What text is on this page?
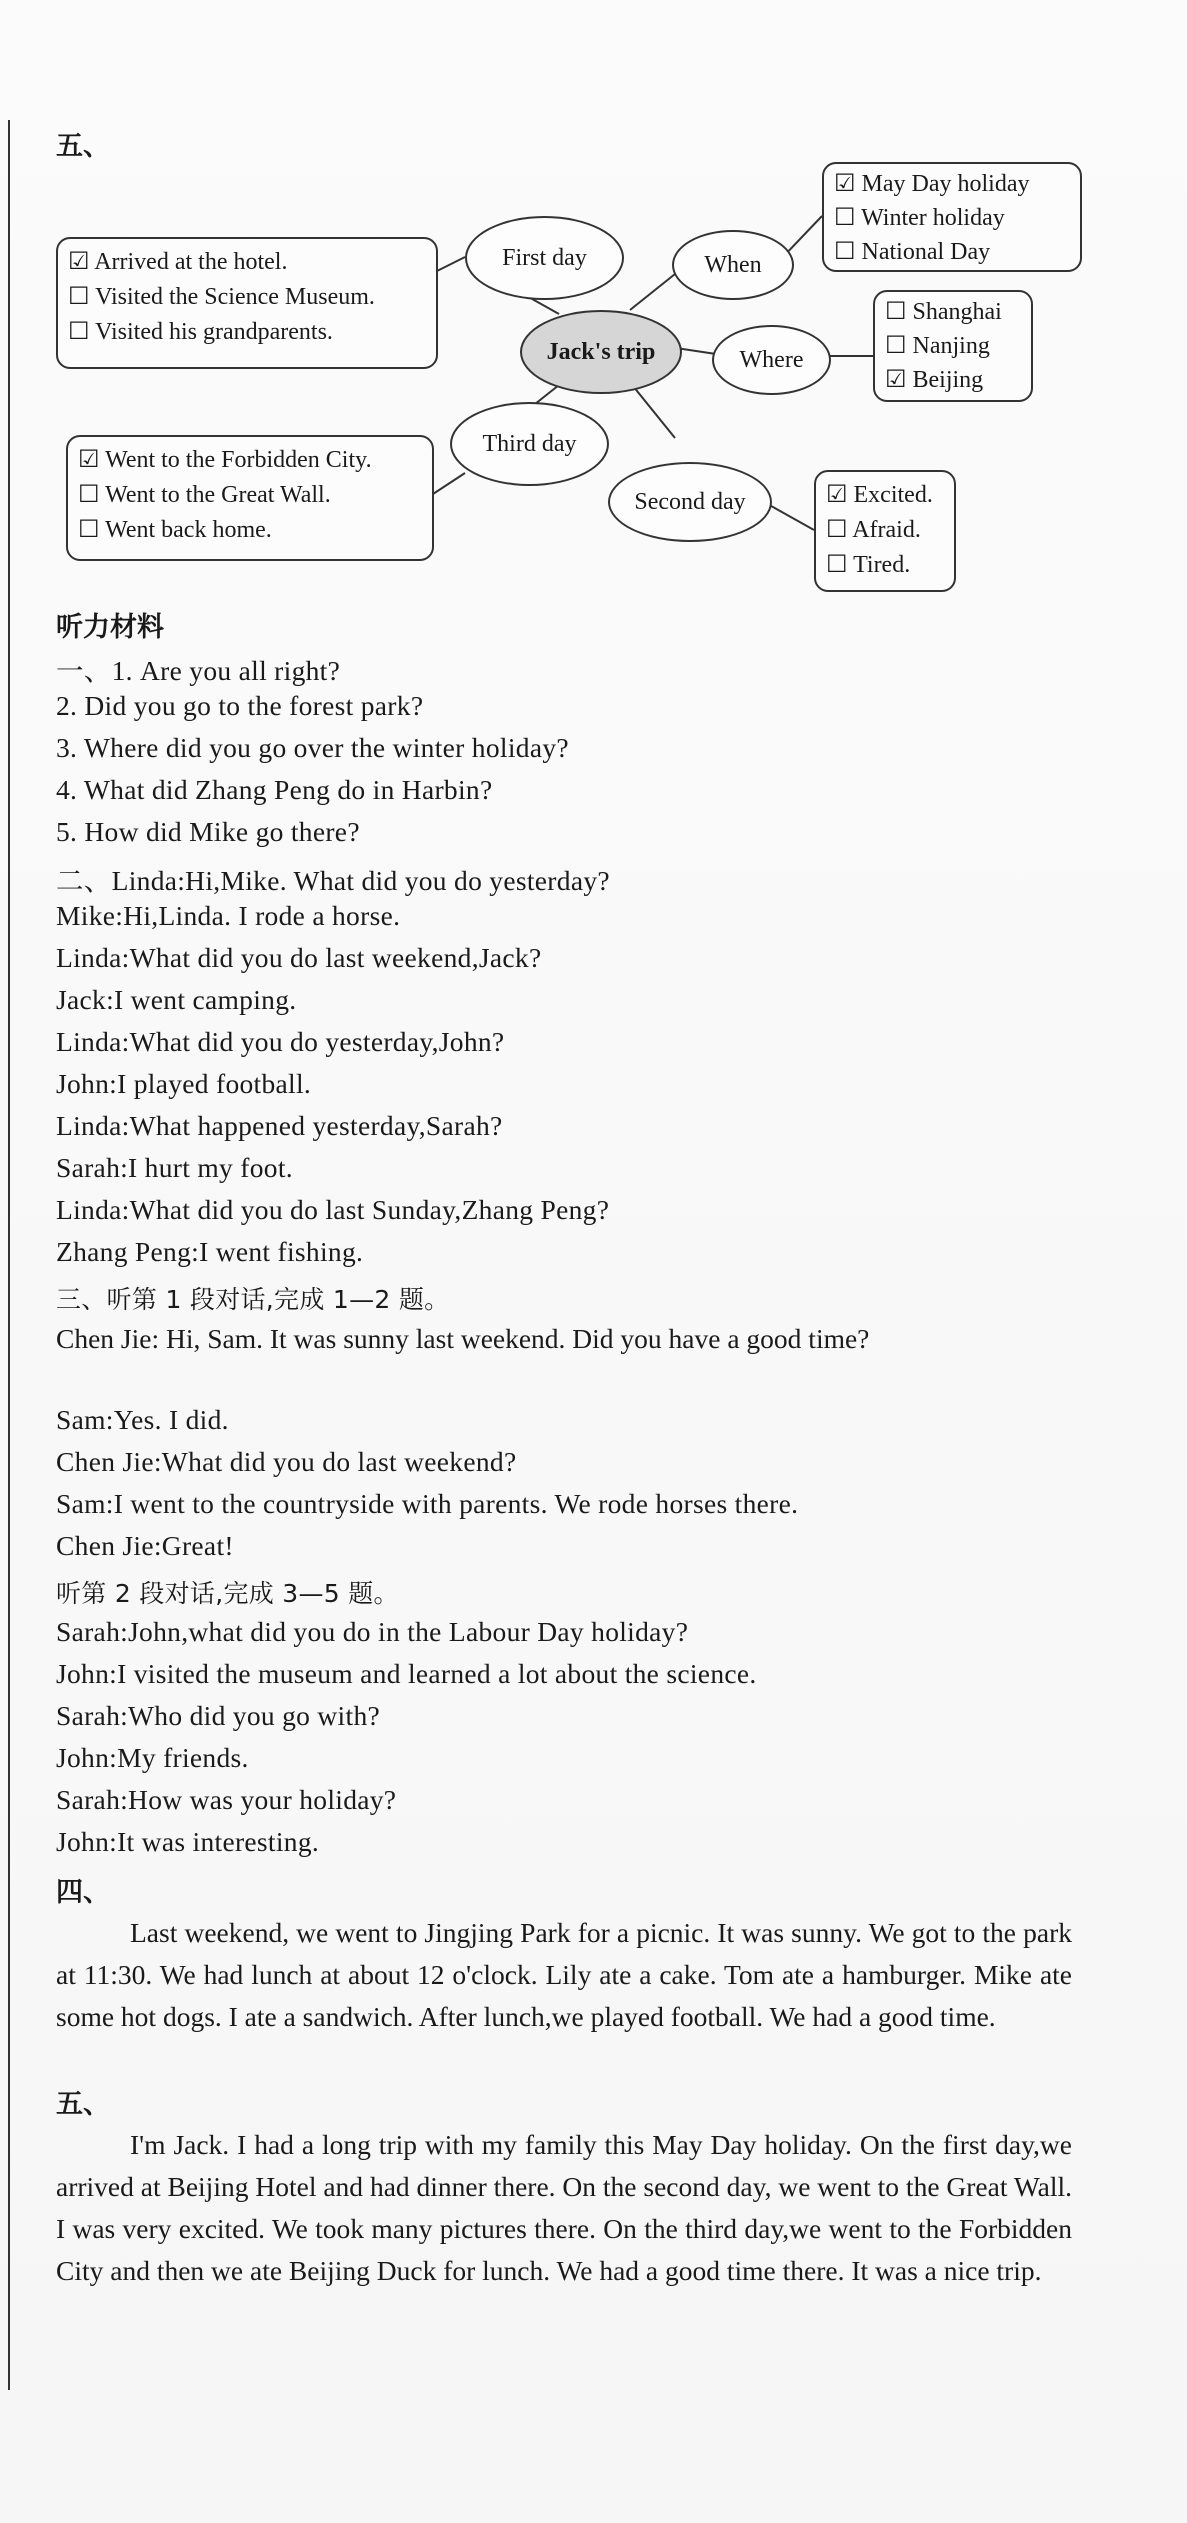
五、
☑ Arrived at the hotel.
☐ Visited the Science Museum.
☐ Visited his grandparents.
First day	When
☑ May Day holiday
☐ Winter holiday
☐ National Day
Jack's trip	Where
☐ Shanghai
☐ Nanjing
☑ Beijing
Third day
☑ Went to the Forbidden City.
☐ Went to the Great Wall.
☐ Went back home.
Second day	☑ Excited.
☐ Afraid.
☐ Tired.
听力材料
一、1. Are you all right?
2. Did you go to the forest park?
3. Where did you go over the winter holiday?
4. What did Zhang Peng do in Harbin?
5. How did Mike go there?
二、Linda:Hi,Mike. What did you do yesterday?
Mike:Hi,Linda. I rode a horse.
Linda:What did you do last weekend,Jack?
Jack:I went camping.
Linda:What did you do yesterday,John?
John:I played football.
Linda:What happened yesterday,Sarah?
Sarah:I hurt my foot.
Linda:What did you do last Sunday,Zhang Peng?
Zhang Peng:I went fishing.
三、听第 1 段对话,完成 1—2 题。
Chen Jie: Hi, Sam. It was sunny last weekend. Did you have a good time?
Sam:Yes. I did.
Chen Jie:What did you do last weekend?
Sam:I went to the countryside with parents. We rode horses there.
Chen Jie:Great!
听第 2 段对话,完成 3—5 题。
Sarah:John,what did you do in the Labour Day holiday?
John:I visited the museum and learned a lot about the science.
Sarah:Who did you go with?
John:My friends.
Sarah:How was your holiday?
John:It was interesting.
四、
Last weekend, we went to Jingjing Park for a picnic. It was sunny. We got to the park at 11:30. We had lunch at about 12 o'clock. Lily ate a cake. Tom ate a hamburger. Mike ate some hot dogs. I ate a sandwich. After lunch,we played football. We had a good time.
五、
I'm Jack. I had a long trip with my family this May Day holiday. On the first day,we arrived at Beijing Hotel and had dinner there. On the second day, we went to the Great Wall. I was very excited. We took many pictures there. On the third day,we went to the Forbidden City and then we ate Beijing Duck for lunch. We had a good time there. It was a nice trip.
